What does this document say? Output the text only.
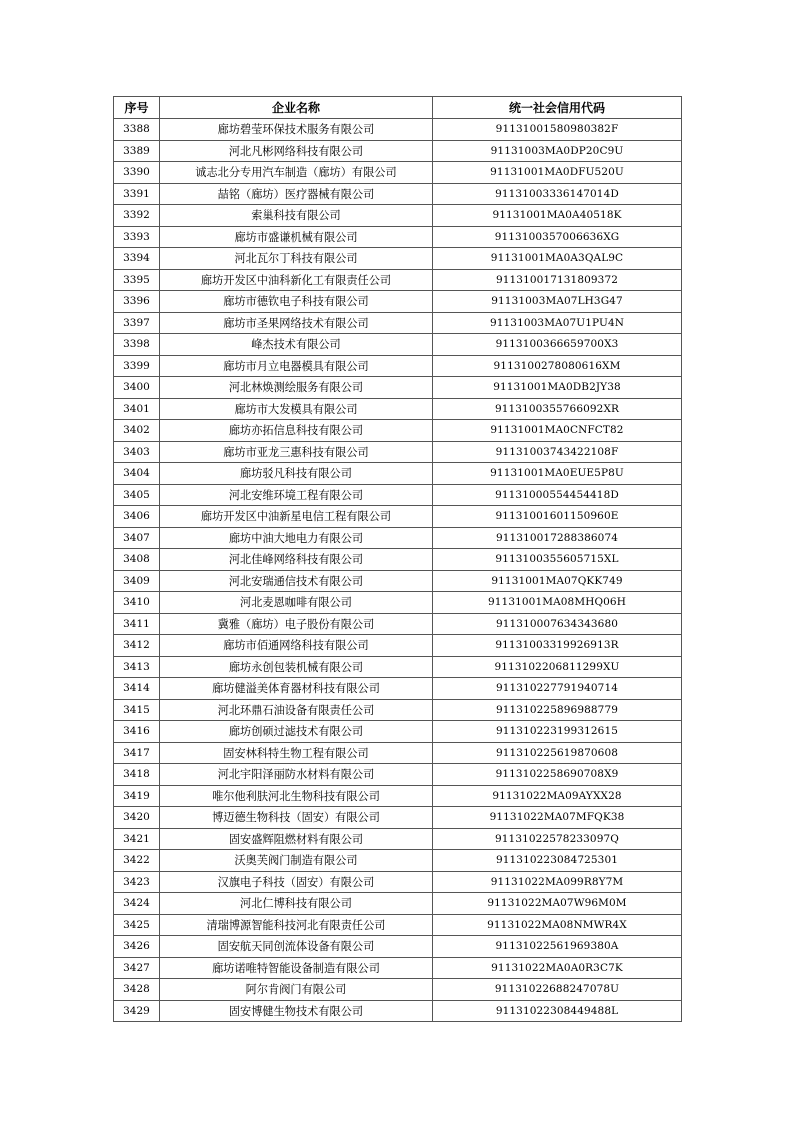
序号	企业名称	统一社会信用代码
3388	廊坊碧莹环保技术服务有限公司	91131001580980382F
3389	河北凡彬网络科技有限公司	91131003MA0DP20C9U
3390	诚志北分专用汽车制造（廊坊）有限公司	91131001MA0DFU520U
3391	喆铭（廊坊）医疗器械有限公司	91131003336147014D
3392	索巢科技有限公司	91131001MA0A40518K
3393	廊坊市盛谦机械有限公司	9113100357006636XG
3394	河北瓦尔丁科技有限公司	91131001MA0A3QAL9C
3395	廊坊开发区中油科新化工有限责任公司	911310017131809372
3396	廊坊市德钦电子科技有限公司	91131003MA07LH3G47
3397	廊坊市圣果网络技术有限公司	91131003MA07U1PU4N
3398	峰杰技术有限公司	9113100366659700X3
3399	廊坊市月立电器模具有限公司	9113100278080616XM
3400	河北林焕测绘服务有限公司	91131001MA0DB2JY38
3401	廊坊市大发模具有限公司	9113100355766092XR
3402	廊坊亦拓信息科技有限公司	91131001MA0CNFCT82
3403	廊坊市亚龙三惠科技有限公司	91131003743422108F
3404	廊坊驳凡科技有限公司	91131001MA0EUE5P8U
3405	河北安维环境工程有限公司	91131000554454418D
3406	廊坊开发区中油新星电信工程有限公司	91131001601150960E
3407	廊坊中油大地电力有限公司	911310017288386074
3408	河北佳峰网络科技有限公司	9113100355605715XL
3409	河北安瑞通信技术有限公司	91131001MA07QKK749
3410	河北麦恩咖啡有限公司	91131001MA08MHQ06H
3411	冀雅（廊坊）电子股份有限公司	911310007634343680
3412	廊坊市佰通网络科技有限公司	91131003319926913R
3413	廊坊永创包装机械有限公司	9113102206811299XU
3414	廊坊健溢美体育器材科技有限公司	911310227791940714
3415	河北环鼎石油设备有限责任公司	911310225896988779
3416	廊坊创硕过滤技术有限公司	911310223199312615
3417	固安林科特生物工程有限公司	911310225619870608
3418	河北宇阳泽丽防水材料有限公司	9113102258690708X9
3419	唯尔他利肤河北生物科技有限公司	91131022MA09AYXX28
3420	博迈德生物科技（固安）有限公司	91131022MA07MFQK38
3421	固安盛辉阻燃材料有限公司	91131022578233097Q
3422	沃奥芙阀门制造有限公司	911310223084725301
3423	汉旗电子科技（固安）有限公司	91131022MA099R8Y7M
3424	河北仁博科技有限公司	91131022MA07W96M0M
3425	清瑞博源智能科技河北有限责任公司	91131022MA08NMWR4X
3426	固安航天同创流体设备有限公司	91131022561969380A
3427	廊坊诺唯特智能设备制造有限公司	91131022MA0A0R3C7K
3428	阿尔肯阀门有限公司	91131022688247078U
3429	固安博健生物技术有限公司	91131022308449488L
